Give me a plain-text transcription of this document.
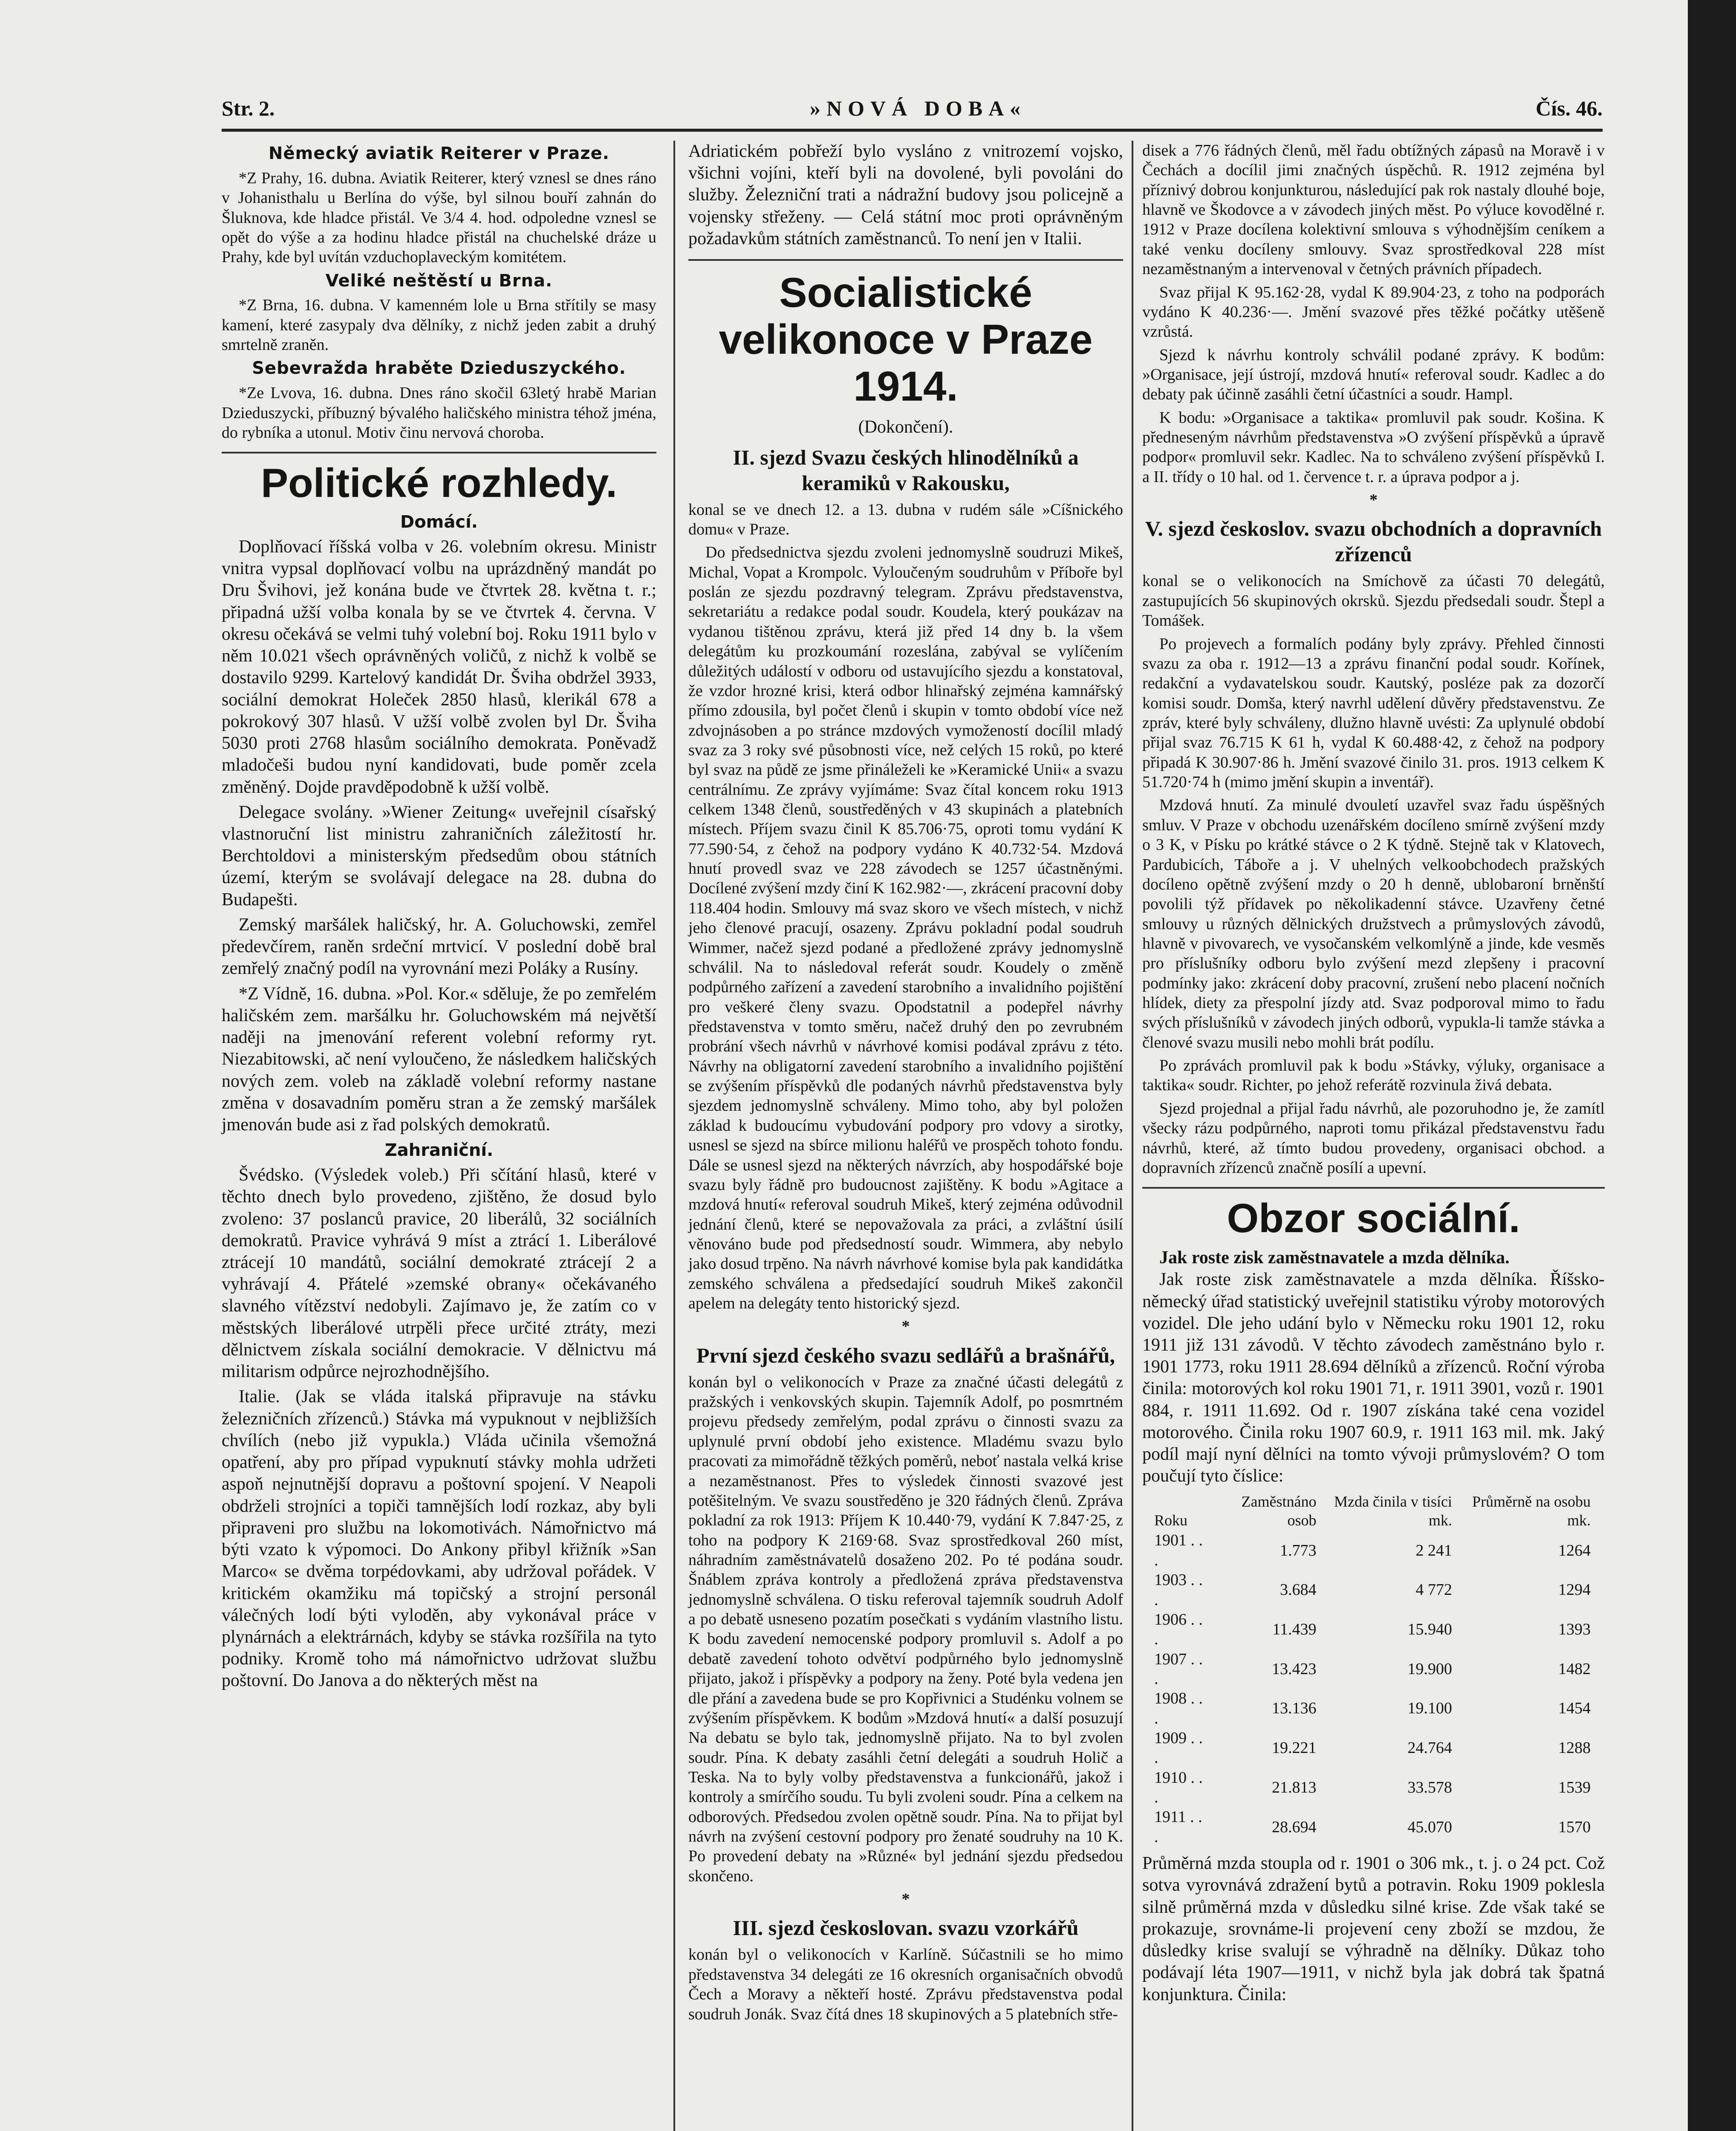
Str. 2.	»NOVÁ DOBA«	Čís. 46.
Německý aviatik Reiterer v Praze.

*Z Prahy, 16. dubna. Aviatik Reiterer, který vznesl se dnes ráno v Johanisthalu u Berlína do výše, byl silnou bouří zahnán do Šluknova, kde hladce přistál. Ve 3/4 4. hod. odpoledne vznesl se opět do výše a za hodinu hladce přistál na chuchelské dráze u Prahy, kde byl uvítán vzduchoplaveckým komitétem.

Veliké neštěstí u Brna.

*Z Brna, 16. dubna. V kamenném lole u Brna střítily se masy kamení, které zasypaly dva dělníky, z nichž jeden zabit a druhý smrtelně zraněn.

Sebevražda hraběte Dzieduszyckého.

*Ze Lvova, 16. dubna. Dnes ráno skočil 63letý hrabě Marian Dzieduszycki, příbuzný bývalého haličského ministra téhož jména, do rybníka a utonul. Motiv činu nervová choroba.

Politické rozhledy.
Domácí.

Doplňovací říšská volba v 26. volebním okresu. Ministr vnitra vypsal doplňovací volbu na uprázdněný mandát po Dru Švihovi, jež konána bude ve čtvrtek 28. května t. r.; připadná užší volba konala by se ve čtvrtek 4. června. V okresu očekává se velmi tuhý volební boj. Roku 1911 bylo v něm 10.021 všech oprávněných voličů, z nichž k volbě se dostavilo 9299. Kartelový kandidát Dr. Šviha obdržel 3933, sociální demokrat Holeček 2850 hlasů, klerikál 678 a pokrokový 307 hlasů. V užší volbě zvolen byl Dr. Šviha 5030 proti 2768 hlasům sociálního demokrata. Poněvadž mladočeši budou nyní kandidovati, bude poměr zcela změněný. Dojde pravděpodobně k užší volbě.

Delegace svolány. »Wiener Zeitung« uveřejnil císařský vlastnoruční list ministru zahraničních záležitostí hr. Berchtoldovi a ministerským předsedům obou státních území, kterým se svolávají delegace na 28. dubna do Budapešti.

Zemský maršálek haličský, hr. A. Goluchowski, zemřel předevčírem, raněn srdeční mrtvicí. V poslední době bral zemřelý značný podíl na vyrovnání mezi Poláky a Rusíny.

*Z Vídně, 16. dubna. »Pol. Kor.« sděluje, že po zemřelém haličském zem. maršálku hr. Goluchowském má největší naději na jmenování referent volební reformy ryt. Niezabitowski, ač není vyloučeno, že následkem haličských nových zem. voleb na základě volební reformy nastane změna v dosavadním poměru stran a že zemský maršálek jmenován bude asi z řad polských demokratů.

Zahraniční.

Švédsko. (Výsledek voleb.) Při sčítání hlasů, které v těchto dnech bylo provedeno, zjištěno, že dosud bylo zvoleno: 37 poslanců pravice, 20 liberálů, 32 sociálních demokratů. Pravice vyhrává 9 míst a ztrácí 1. Liberálové ztrácejí 10 mandátů, sociální demokraté ztrácejí 2 a vyhrávají 4. Přátelé »zemské obrany« očekávaného slavného vítězství nedobyli. Zajímavo je, že zatím co v městských liberálové utrpěli přece určité ztráty, mezi dělnictvem získala sociální demokracie. V dělnictvu má militarism odpůrce nejrozhodnějšího.

Italie. (Jak se vláda italská připravuje na stávku železničních zřízenců.) Stávka má vypuknout v nejbližších chvílích (nebo již vypukla.) Vláda učinila všemožná opatření, aby pro případ vypuknutí stávky mohla udržeti aspoň nejnutnější dopravu a poštovní spojení. V Neapoli obdrželi strojníci a topiči tamnějších lodí rozkaz, aby byli připraveni pro službu na lokomotivách. Námořnictvo má býti vzato k výpomoci. Do Ankony přibyl křižník »San Marco« se dvěma torpédovkami, aby udržoval pořádek. V kritickém okamžiku má topičský a strojní personál válečných lodí býti vyloděn, aby vykonával práce v plynárnách a elektrárnách, kdyby se stávka rozšířila na tyto podniky. Kromě toho má námořnictvo udržovat službu poštovní. Do Janova a do některých měst na

Adriatickém pobřeží bylo vysláno z vnitrozemí vojsko, všichni vojíni, kteří byli na dovolené, byli povoláni do služby. Železniční trati a nádražní budovy jsou policejně a vojensky střeženy. — Celá státní moc proti oprávněným požadavkům státních zaměstnanců. To není jen v Italii.

Socialistické velikonoce v Praze 1914.
(Dokončení).
II. sjezd Svazu českých hlinodělníků a keramiků v Rakousku,

konal se ve dnech 12. a 13. dubna v rudém sále »Cíšnického domu« v Praze.

Do předsednictva sjezdu zvoleni jednomyslně soudruzi Mikeš, Michal, Vopat a Krompolc. Vyloučeným soudruhům v Příboře byl poslán ze sjezdu pozdravný telegram. Zprávu představenstva, sekretariátu a redakce podal soudr. Koudela, který poukázav na vydanou tištěnou zprávu, která již před 14 dny b. la všem delegátům ku prozkoumání rozeslána, zabýval se vylíčením důležitých událostí v odboru od ustavujícího sjezdu a konstatoval, že vzdor hrozné krisi, která odbor hlinařský zejména kamnářský přímo zdousila, byl počet členů i skupin v tomto období více než zdvojnásoben a po stránce mzdových vymožeností docílil mladý svaz za 3 roky své působnosti více, než celých 15 roků, po které byl svaz na půdě ze jsme přináleželi ke »Keramické Unii« a svazu centrálnímu. Ze zprávy vyjímáme: Svaz čítal koncem roku 1913 celkem 1348 členů, soustředěných v 43 skupinách a platebních místech. Příjem svazu činil K 85.706·75, oproti tomu vydání K 77.590·54, z čehož na podpory vydáno K 40.732·54. Mzdová hnutí provedl svaz ve 228 závodech se 1257 účastněnými. Docílené zvýšení mzdy činí K 162.982·—, zkrácení pracovní doby 118.404 hodin. Smlouvy má svaz skoro ve všech místech, v nichž jeho členové pracují, osazeny. Zprávu pokladní podal soudruh Wimmer, načež sjezd podané a předložené zprávy jednomyslně schválil. Na to následoval referát soudr. Koudely o změně podpůrného zařízení a zavedení starobního a invalidního pojištění pro veškeré členy svazu. Opodstatnil a podepřel návrhy představenstva v tomto směru, načež druhý den po zevrubném probrání všech návrhů v návrhové komisi podával zprávu z této. Návrhy na obligatorní zavedení starobního a invalidního pojištění se zvýšením příspěvků dle podaných návrhů představenstva byly sjezdem jednomyslně schváleny. Mimo toho, aby byl položen základ k budoucímu vybudování podpory pro vdovy a sirotky, usnesl se sjezd na sbírce milionu haléřů ve prospěch tohoto fondu. Dále se usnesl sjezd na některých návrzích, aby hospodářské boje svazu byly řádně pro budoucnost zajištěny. K bodu »Agitace a mzdová hnutí« referoval soudruh Mikeš, který zejména odůvodnil jednání členů, které se nepovažovala za práci, a zvláštní úsilí věnováno bude pod předsedností soudr. Wimmera, aby nebylo jako dosud trpěno. Na návrh návrhové komise byla pak kandidátka zemského schválena a předsedající soudruh Mikeš zakončil apelem na delegáty tento historický sjezd.

*
První sjezd českého svazu sedlářů a brašnářů,

konán byl o velikonocích v Praze za značné účasti delegátů z pražských i venkovských skupin. Tajemník Adolf, po posmrtném projevu předsedy zemřelým, podal zprávu o činnosti svazu za uplynulé první období jeho existence. Mladému svazu bylo pracovati za mimořádně těžkých poměrů, neboť nastala velká krise a nezaměstnanost. Přes to výsledek činnosti svazové jest potěšitelným. Ve svazu soustředěno je 320 řádných členů. Zpráva pokladní za rok 1913: Příjem K 10.440·79, vydání K 7.847·25, z toho na podpory K 2169·68. Svaz sprostředkoval 260 míst, náhradním zaměstnávatelů dosaženo 202. Po té podána soudr. Šnáblem zpráva kontroly a předložená zpráva představenstva jednomyslně schválena. O tisku referoval tajemník soudruh Adolf a po debatě usneseno pozatím posečkati s vydáním vlastního listu. K bodu zavedení nemocenské podpory promluvil s. Adolf a po debatě zavedení tohoto odvětví podpůrného bylo jednomyslně přijato, jakož i příspěvky a podpory na ženy. Poté byla vedena jen dle přání a zavedena bude se pro Kopřivnici a Studénku volnem se zvýšením příspěvkem. K bodům »Mzdová hnutí« a další posuzují Na debatu se bylo tak, jednomyslně přijato. Na to byl zvolen soudr. Pína. K debaty zasáhli četní delegáti a soudruh Holič a Teska. Na to byly volby představenstva a funkcionářů, jakož i kontroly a smírčího soudu. Tu byli zvoleni soudr. Pína a celkem na odborových. Předsedou zvolen opětně soudr. Pína. Na to přijat byl návrh na zvýšení cestovní podpory pro ženaté soudruhy na 10 K. Po provedení debaty na »Různé« byl jednání sjezdu předsedou skončeno.

*
III. sjezd českoslovan. svazu vzorkářů

konán byl o velikonocích v Karlíně. Súčastnili se ho mimo představenstva 34 delegáti ze 16 okresních organisačních obvodů Čech a Moravy a někteří hosté. Zprávu představenstva podal soudruh Jonák. Svaz čítá dnes 18 skupinových a 5 platebních stře-

disek a 776 řádných členů, měl řadu obtížných zápasů na Moravě i v Čechách a docílil jimi značných úspěchů. R. 1912 zejména byl příznivý dobrou konjunkturou, následující pak rok nastaly dlouhé boje, hlavně ve Škodovce a v závodech jiných měst. Po výluce kovodělné r. 1912 v Praze docílena kolektivní smlouva s výhodnějším ceníkem a také venku docíleny smlouvy. Svaz sprostředkoval 228 míst nezaměstnaným a intervenoval v četných právních případech.

Svaz přijal K 95.162·28, vydal K 89.904·23, z toho na podporách vydáno K 40.236·—. Jmění svazové přes těžké počátky utěšeně vzrůstá.

Sjezd k návrhu kontroly schválil podané zprávy. K bodům: »Organisace, její ústrojí, mzdová hnutí« referoval soudr. Kadlec a do debaty pak účinně zasáhli četní účastníci a soudr. Hampl.

K bodu: »Organisace a taktika« promluvil pak soudr. Košina. K předneseným návrhům představenstva »O zvýšení příspěvků a úpravě podpor« promluvil sekr. Kadlec. Na to schváleno zvýšení příspěvků I. a II. třídy o 10 hal. od 1. července t. r. a úprava podpor a j.

*
V. sjezd českoslov. svazu obchodních a dopravních zřízenců

konal se o velikonocích na Smíchově za účasti 70 delegátů, zastupujících 56 skupinových okrsků. Sjezdu předsedali soudr. Štepl a Tomášek.

Po projevech a formalích podány byly zprávy. Přehled činnosti svazu za oba r. 1912—13 a zprávu finanční podal soudr. Kořínek, redakční a vydavatelskou soudr. Kautský, posléze pak za dozorčí komisi soudr. Domša, který navrhl udělení důvěry představenstvu. Ze zpráv, které byly schváleny, dlužno hlavně uvésti: Za uplynulé období přijal svaz 76.715 K 61 h, vydal K 60.488·42, z čehož na podpory připadá K 30.907·86 h. Jmění svazové činilo 31. pros. 1913 celkem K 51.720·74 h (mimo jmění skupin a inventář).

Mzdová hnutí. Za minulé dvouletí uzavřel svaz řadu úspěšných smluv. V Praze v obchodu uzenářském docíleno smírně zvýšení mzdy o 3 K, v Písku po krátké stávce o 2 K týdně. Stejně tak v Klatovech, Pardubicích, Táboře a j. V uhelných velkoobchodech pražských docíleno opětně zvýšení mzdy o 20 h denně, ublobaroní brněnští povolili týž přídavek po několikadenní stávce. Uzavřeny četné smlouvy u různých dělnických družstvech a průmyslových závodů, hlavně v pivovarech, ve vysočanském velkomlýně a jinde, kde vesměs pro příslušníky odboru bylo zvýšení mezd zlepšeny i pracovní podmínky jako: zkrácení doby pracovní, zrušení nebo placení nočních hlídek, diety za přespolní jízdy atd. Svaz podporoval mimo to řadu svých příslušníků v závodech jiných odborů, vypukla-li tamže stávka a členové svazu musili nebo mohli brát podílu.

Po zprávách promluvil pak k bodu »Stávky, výluky, organisace a taktika« soudr. Richter, po jehož referátě rozvinula živá debata.

Sjezd projednal a přijal řadu návrhů, ale pozoruhodno je, že zamítl všecky rázu podpůrného, naproti tomu přikázal představenstvu řadu návrhů, které, až tímto budou provedeny, organisaci obchod. a dopravních zřízenců značně posílí a upevní.

Obzor sociální.

Jak roste zisk zaměstnavatele a mzda dělníka.

Jak roste zisk zaměstnavatele a mzda dělníka. Říšsko-německý úřad statistický uveřejnil statistiku výroby motorových vozidel. Dle jeho udání bylo v Německu roku 1901 12, roku 1911 již 131 závodů. V těchto závodech zaměstnáno bylo r. 1901 1773, roku 1911 28.694 dělníků a zřízenců. Roční výroba činila: motorových kol roku 1901 71, r. 1911 3901, vozů r. 1901 884, r. 1911 11.692. Od r. 1907 získána také cena vozidel motorového. Činila roku 1907 60.9, r. 1911 163 mil. mk. Jaký podíl mají nyní dělníci na tomto vývoji průmyslovém? O tom poučují tyto číslice:

Roku	Zaměstnáno osob	Mzda činila v tisíci mk.	Průměrně na osobu mk.
1901 . . .	1.773	2 241	1264
1903 . . .	3.684	4 772	1294
1906 . . .	11.439	15.940	1393
1907 . . .	13.423	19.900	1482
1908 . . .	13.136	19.100	1454
1909 . . .	19.221	24.764	1288
1910 . . .	21.813	33.578	1539
1911 . . .	28.694	45.070	1570

Průměrná mzda stoupla od r. 1901 o 306 mk., t. j. o 24 pct. Což sotva vyrovnává zdražení bytů a potravin. Roku 1909 poklesla silně průměrná mzda v důsledku silné krise. Zde však také se prokazuje, srovnáme-li projevení ceny zboží se mzdou, že důsledky krise svalují se výhradně na dělníky. Důkaz toho podávají léta 1907—1911, v nichž byla jak dobrá tak špatná konjunktura. Činila:
